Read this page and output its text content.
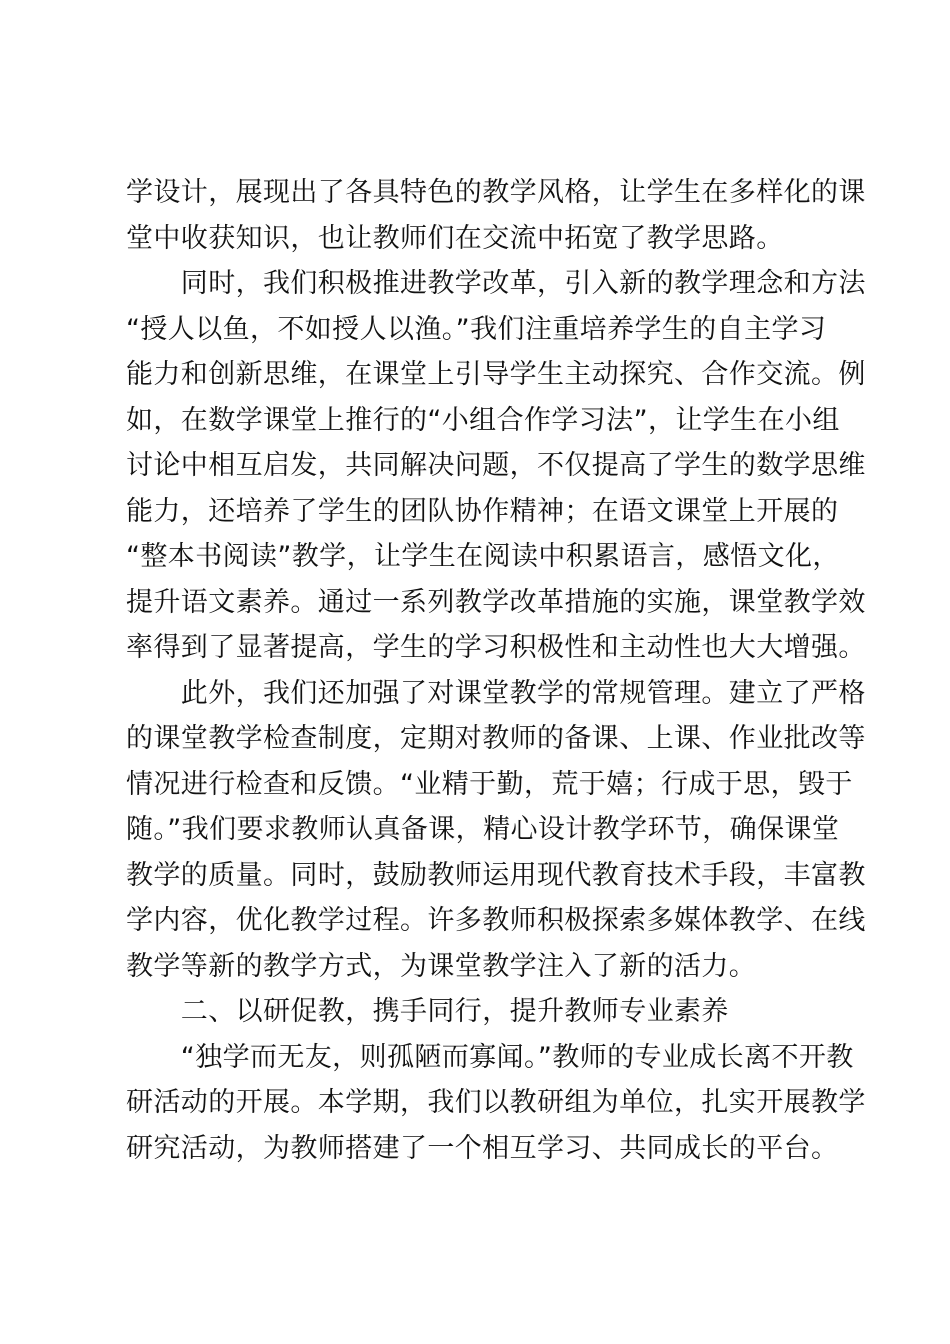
学设计，展现出了各具特色的教学风格，让学生在多样化的课
堂中收获知识，也让教师们在交流中拓宽了教学思路。
　　同时，我们积极推进教学改革，引入新的教学理念和方法
“授人以鱼，不如授人以渔。”我们注重培养学生的自主学习
能力和创新思维，在课堂上引导学生主动探究、合作交流。例
如，在数学课堂上推行的“小组合作学习法”，让学生在小组
讨论中相互启发，共同解决问题，不仅提高了学生的数学思维
能力，还培养了学生的团队协作精神；在语文课堂上开展的
“整本书阅读”教学，让学生在阅读中积累语言，感悟文化，
提升语文素养。通过一系列教学改革措施的实施，课堂教学效
率得到了显著提高，学生的学习积极性和主动性也大大增强。
　　此外，我们还加强了对课堂教学的常规管理。建立了严格
的课堂教学检查制度，定期对教师的备课、上课、作业批改等
情况进行检查和反馈。“业精于勤，荒于嬉；行成于思，毁于
随。”我们要求教师认真备课，精心设计教学环节，确保课堂
教学的质量。同时，鼓励教师运用现代教育技术手段，丰富教
学内容，优化教学过程。许多教师积极探索多媒体教学、在线
教学等新的教学方式，为课堂教学注入了新的活力。
　　二、以研促教，携手同行，提升教师专业素养
　　“独学而无友，则孤陋而寡闻。”教师的专业成长离不开教
研活动的开展。本学期，我们以教研组为单位，扎实开展教学
研究活动，为教师搭建了一个相互学习、共同成长的平台。
